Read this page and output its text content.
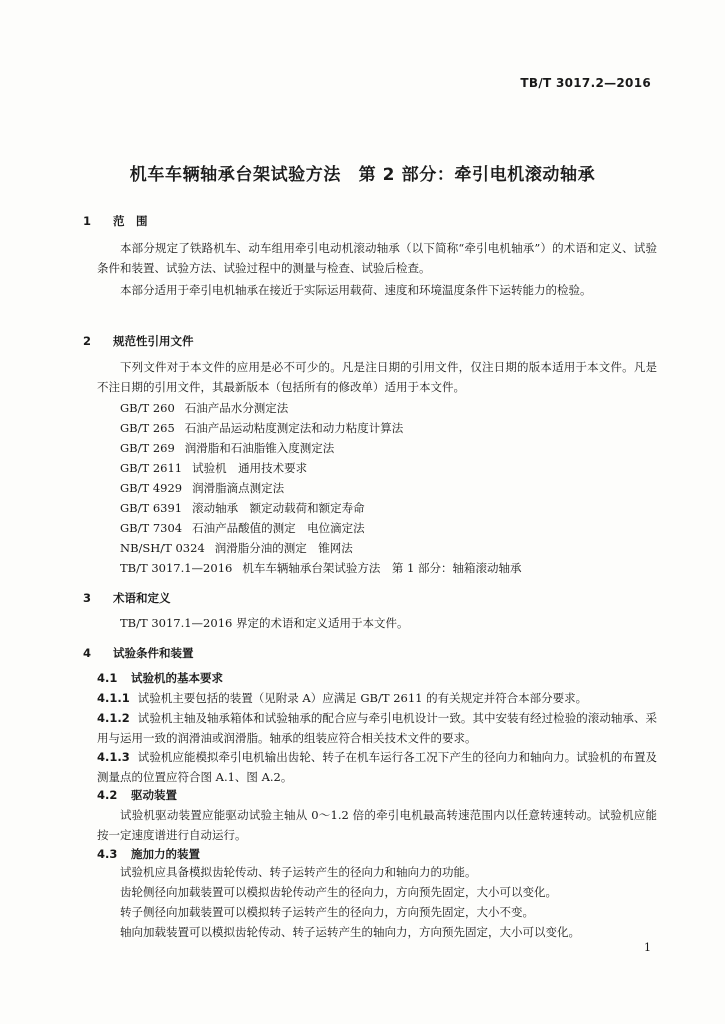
TB/T 3017.2—2016
机车车辆轴承台架试验方法　第 2 部分：牵引电机滚动轴承
1 范　围

本部分规定了铁路机车、动车组用牵引电动机滚动轴承（以下简称“牵引电机轴承”）的术语和定义、试验条件和装置、试验方法、试验过程中的测量与检查、试验后检查。

本部分适用于牵引电机轴承在接近于实际运用载荷、速度和环境温度条件下运转能力的检验。

2 规范性引用文件

下列文件对于本文件的应用是必不可少的。凡是注日期的引用文件，仅注日期的版本适用于本文件。凡是不注日期的引用文件，其最新版本（包括所有的修改单）适用于本文件。

GB/T 260 石油产品水分测定法
GB/T 265 石油产品运动粘度测定法和动力粘度计算法
GB/T 269 润滑脂和石油脂锥入度测定法
GB/T 2611 试验机　通用技术要求
GB/T 4929 润滑脂滴点测定法
GB/T 6391 滚动轴承　额定动载荷和额定寿命
GB/T 7304 石油产品酸值的测定　电位滴定法
NB/SH/T 0324 润滑脂分油的测定　锥网法
TB/T 3017.1—2016 机车车辆轴承台架试验方法　第 1 部分：轴箱滚动轴承
3 术语和定义
TB/T 3017.1—2016 界定的术语和定义适用于本文件。
4 试验条件和装置
4.1 试验机的基本要求

4.1.1 试验机主要包括的装置（见附录 A）应满足 GB/T 2611 的有关规定并符合本部分要求。

4.1.2 试验机主轴及轴承箱体和试验轴承的配合应与牵引电机设计一致。其中安装有经过检验的滚动轴承、采用与运用一致的润滑油或润滑脂。轴承的组装应符合相关技术文件的要求。

4.1.3 试验机应能模拟牵引电机输出齿轮、转子在机车运行各工况下产生的径向力和轴向力。试验机的布置及测量点的位置应符合图 A.1、图 A.2。

4.2 驱动装置

试验机驱动装置应能驱动试验主轴从 0～1.2 倍的牵引电机最高转速范围内以任意转速转动。试验机应能按一定速度谱进行自动运行。

4.3 施加力的装置
试验机应具备模拟齿轮传动、转子运转产生的径向力和轴向力的功能。
齿轮侧径向加载装置可以模拟齿轮传动产生的径向力，方向预先固定，大小可以变化。
转子侧径向加载装置可以模拟转子运转产生的径向力，方向预先固定，大小不变。
轴向加载装置可以模拟齿轮传动、转子运转产生的轴向力，方向预先固定，大小可以变化。
1
